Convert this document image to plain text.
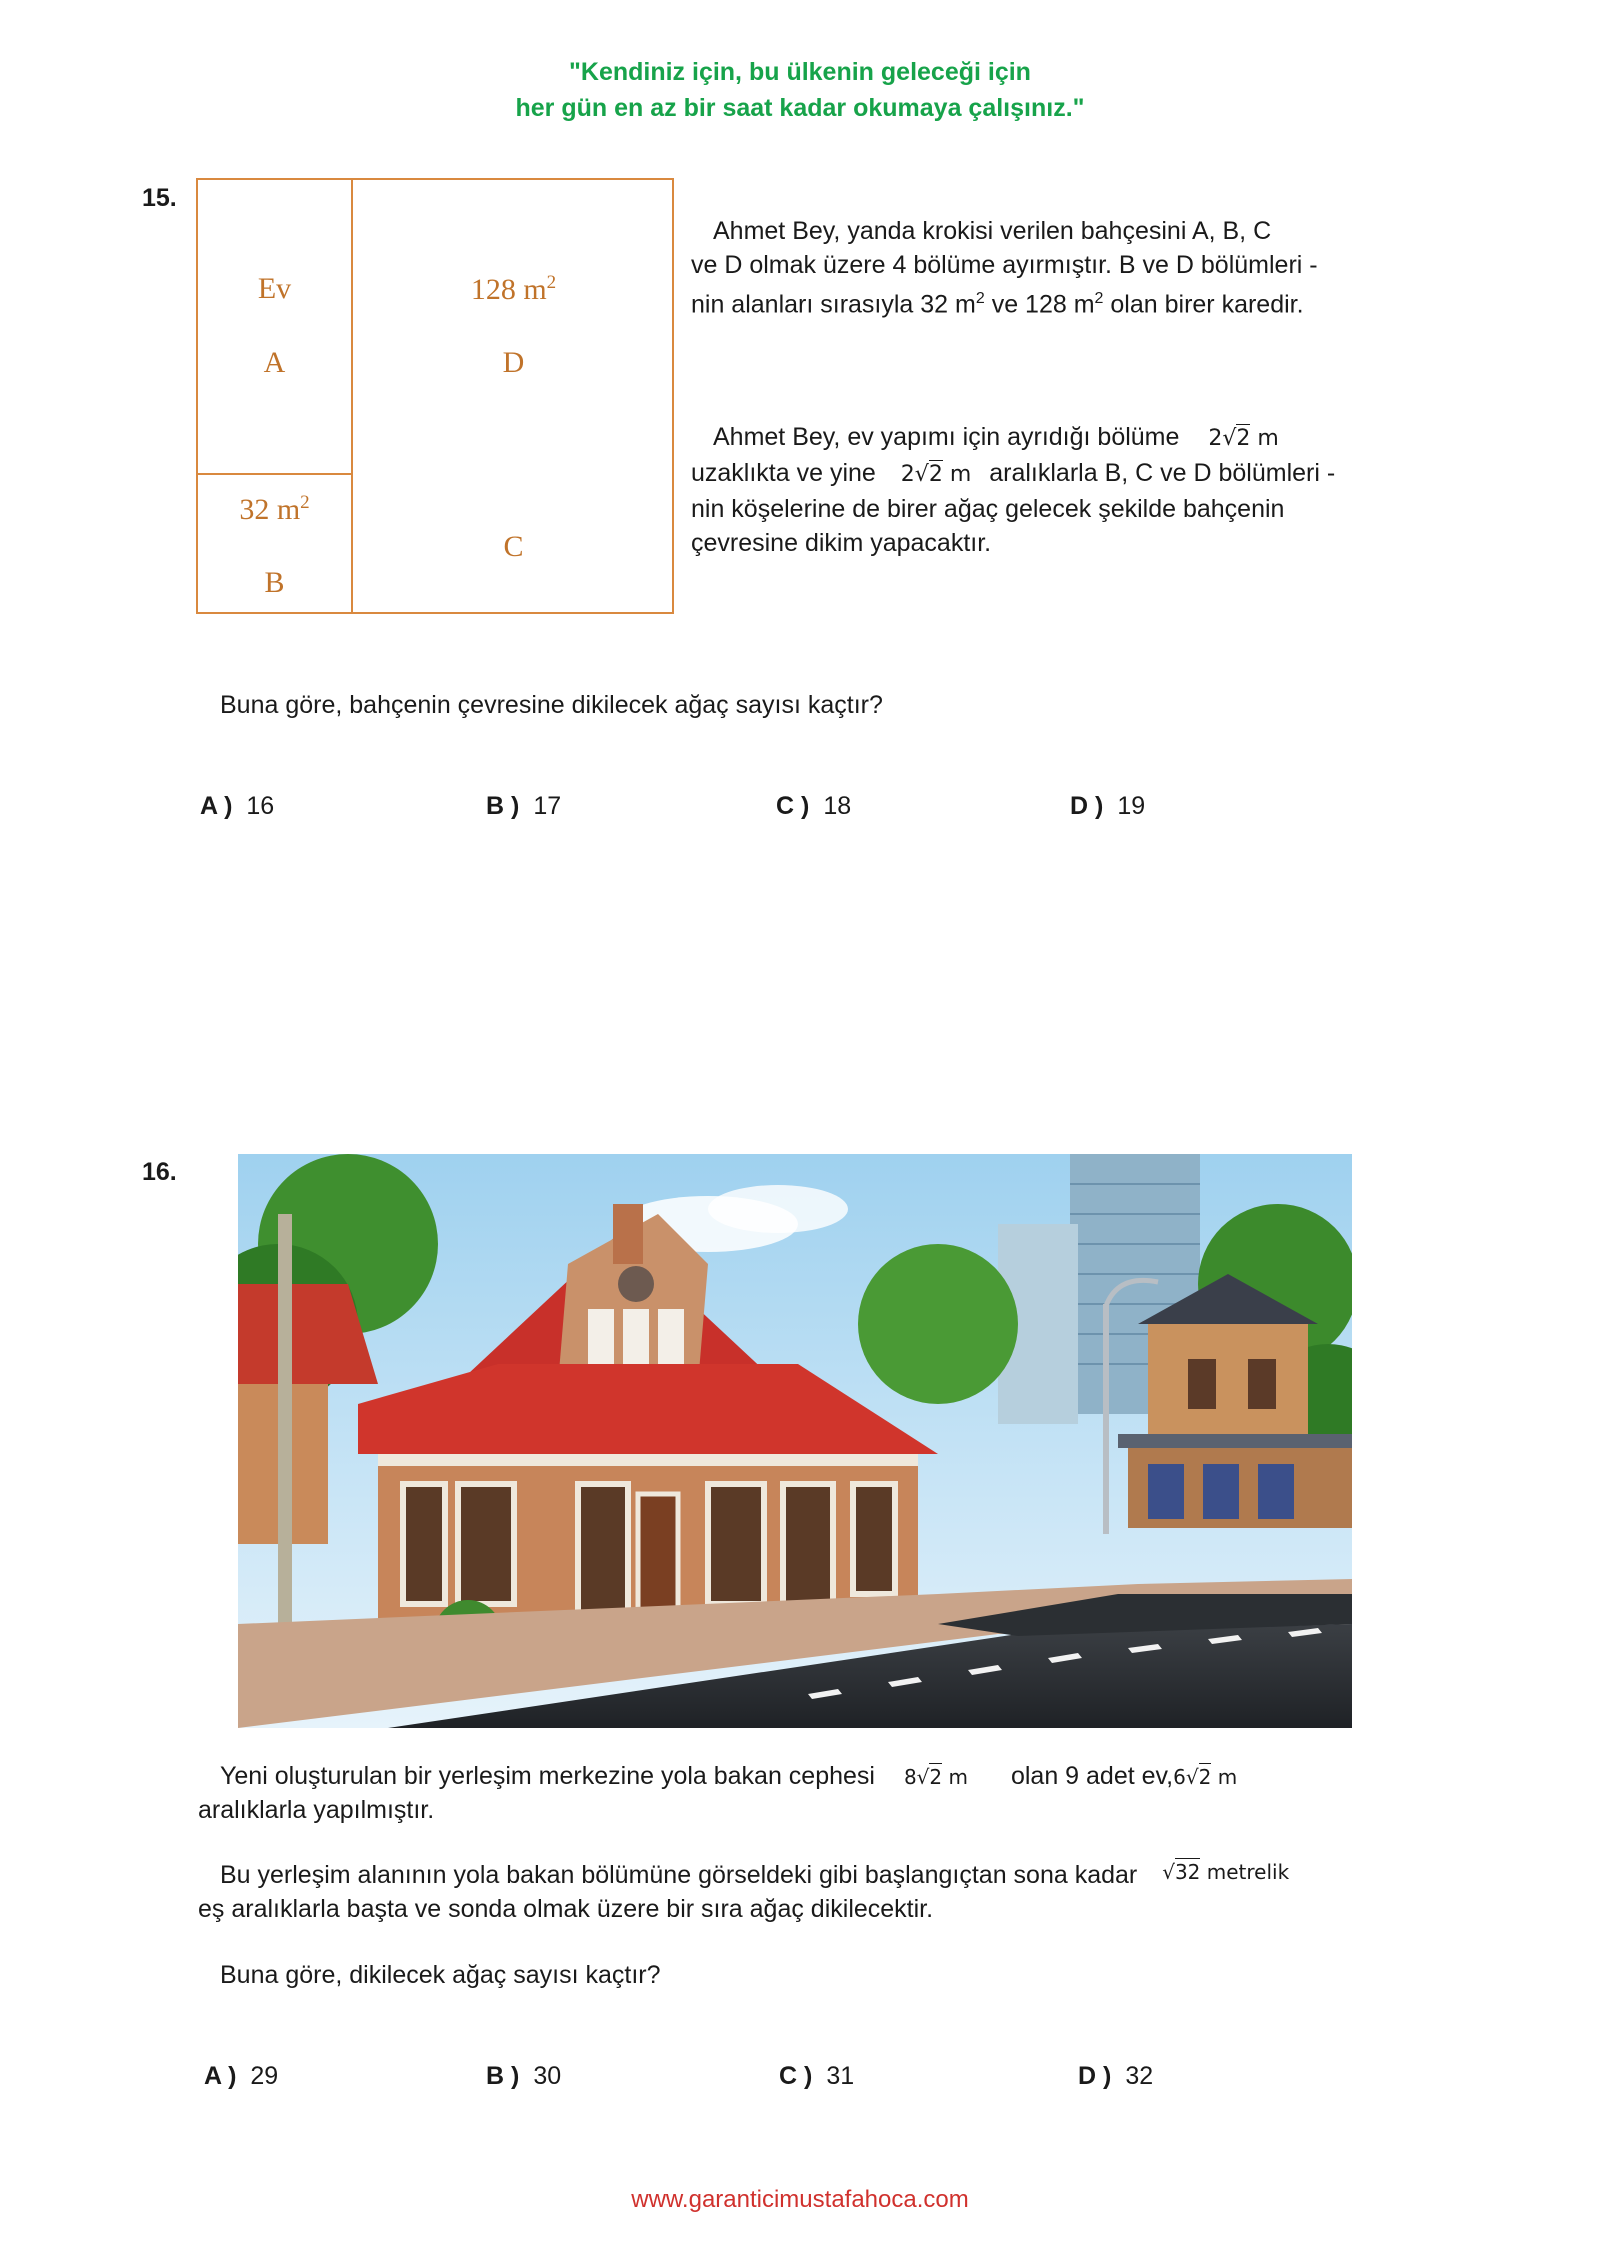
"Kendiniz için, bu ülkenin geleceği için
her gün en az bir saat kadar okumaya çalışınız."
15.
Ev
A
128 $m^2$
D
32 $m^2$
B
C
Ahmet Bey, yanda krokisi verilen bahçesini A, B, C
ve D olmak üzere 4 bölüme ayırmıştır. B ve D bölümleri -
nin alanları sırasıyla 32 $m^2$ ve 128 $m^2$ olan birer karedir.
Ahmet Bey, ev yapımı için ayrıdığı bölüme 2√2 m
uzaklıkta ve yine 2√2 m aralıklarla B, C ve D bölümleri -
nin köşelerine de birer ağaç gelecek şekilde bahçenin
çevresine dikim yapacaktır.
Buna göre, bahçenin çevresine dikilecek ağaç sayısı kaçtır?
A ) 16	B ) 17	C ) 18	D ) 19
16.
Yeni oluşturulan bir yerleşim merkezine yola bakan cephesi 8√2 m olan 9 adet ev,6√2 m
aralıklarla yapılmıştır.
Bu yerleşim alanının yola bakan bölümüne görseldeki gibi başlangıçtan sona kadar √32 metrelik
eş aralıklarla başta ve sonda olmak üzere bir sıra ağaç dikilecektir.
Buna göre, dikilecek ağaç sayısı kaçtır?
A ) 29	B ) 30	C ) 31	D ) 32
www.garanticimustafahoca.com
